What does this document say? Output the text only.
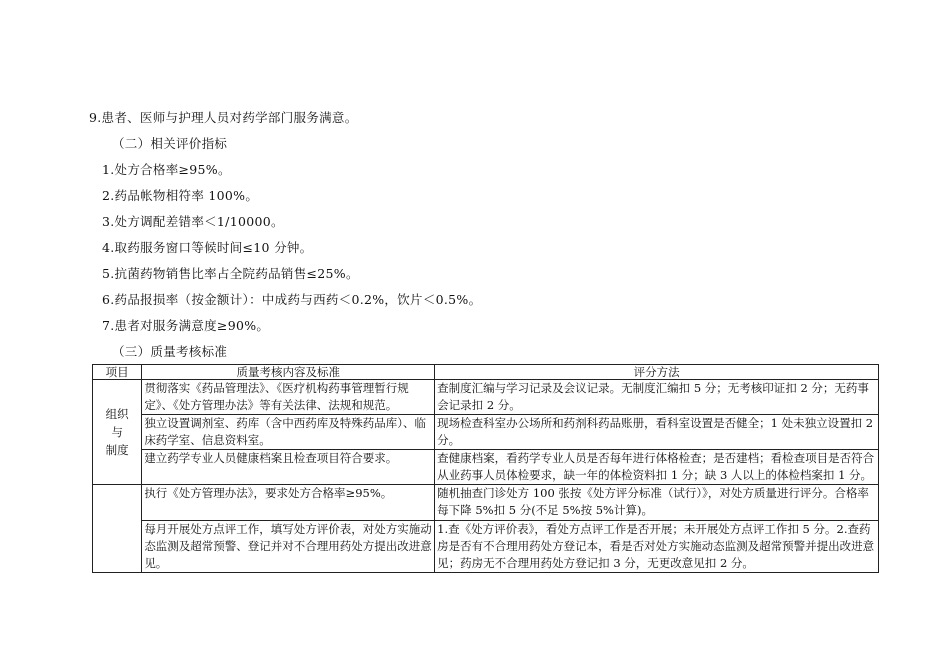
9.患者、医师与护理人员对药学部门服务满意。
（二）相关评价指标
1.处方合格率≥95%。
2.药品帐物相符率 100%。
3.处方调配差错率＜1/10000。
4.取药服务窗口等候时间≤10 分钟。
5.抗菌药物销售比率占全院药品销售≤25%。
6.药品报损率（按金额计）：中成药与西药＜0.2%，饮片＜0.5%。
7.患者对服务满意度≥90%。
（三）质量考核标准
项目	质量考核内容及标准	评分方法
组织
与
制度	贯彻落实《药品管理法》、《医疗机构药事管理暂行规定》、《处方管理办法》等有关法律、法规和规范。	查制度汇编与学习记录及会议记录。无制度汇编扣 5 分；无考核印证扣 2 分；无药事会记录扣 2 分。
	独立设置调剂室、药库（含中西药库及特殊药品库）、临床药学室、信息资料室。	现场检查科室办公场所和药剂科药品账册，看科室设置是否健全；1 处未独立设置扣 2 分。
	建立药学专业人员健康档案且检查项目符合要求。	查健康档案，看药学专业人员是否每年进行体格检查；是否建档；看检查项目是否符合从业药事人员体检要求，缺一年的体检资料扣 1 分；缺 3 人以上的体检档案扣 1 分。
	执行《处方管理办法》，要求处方合格率≥95%。	随机抽查门诊处方 100 张按《处方评分标准（试行）》，对处方质量进行评分。合格率每下降 5%扣 5 分(不足 5%按 5%计算)。
	每月开展处方点评工作，填写处方评价表，对处方实施动态监测及超常预警、登记并对不合理用药处方提出改进意见。	1.查《处方评价表》，看处方点评工作是否开展；未开展处方点评工作扣 5 分。2.查药房是否有不合理用药处方登记本，看是否对处方实施动态监测及超常预警并提出改进意见；药房无不合理用药处方登记扣 3 分，无更改意见扣 2 分。
